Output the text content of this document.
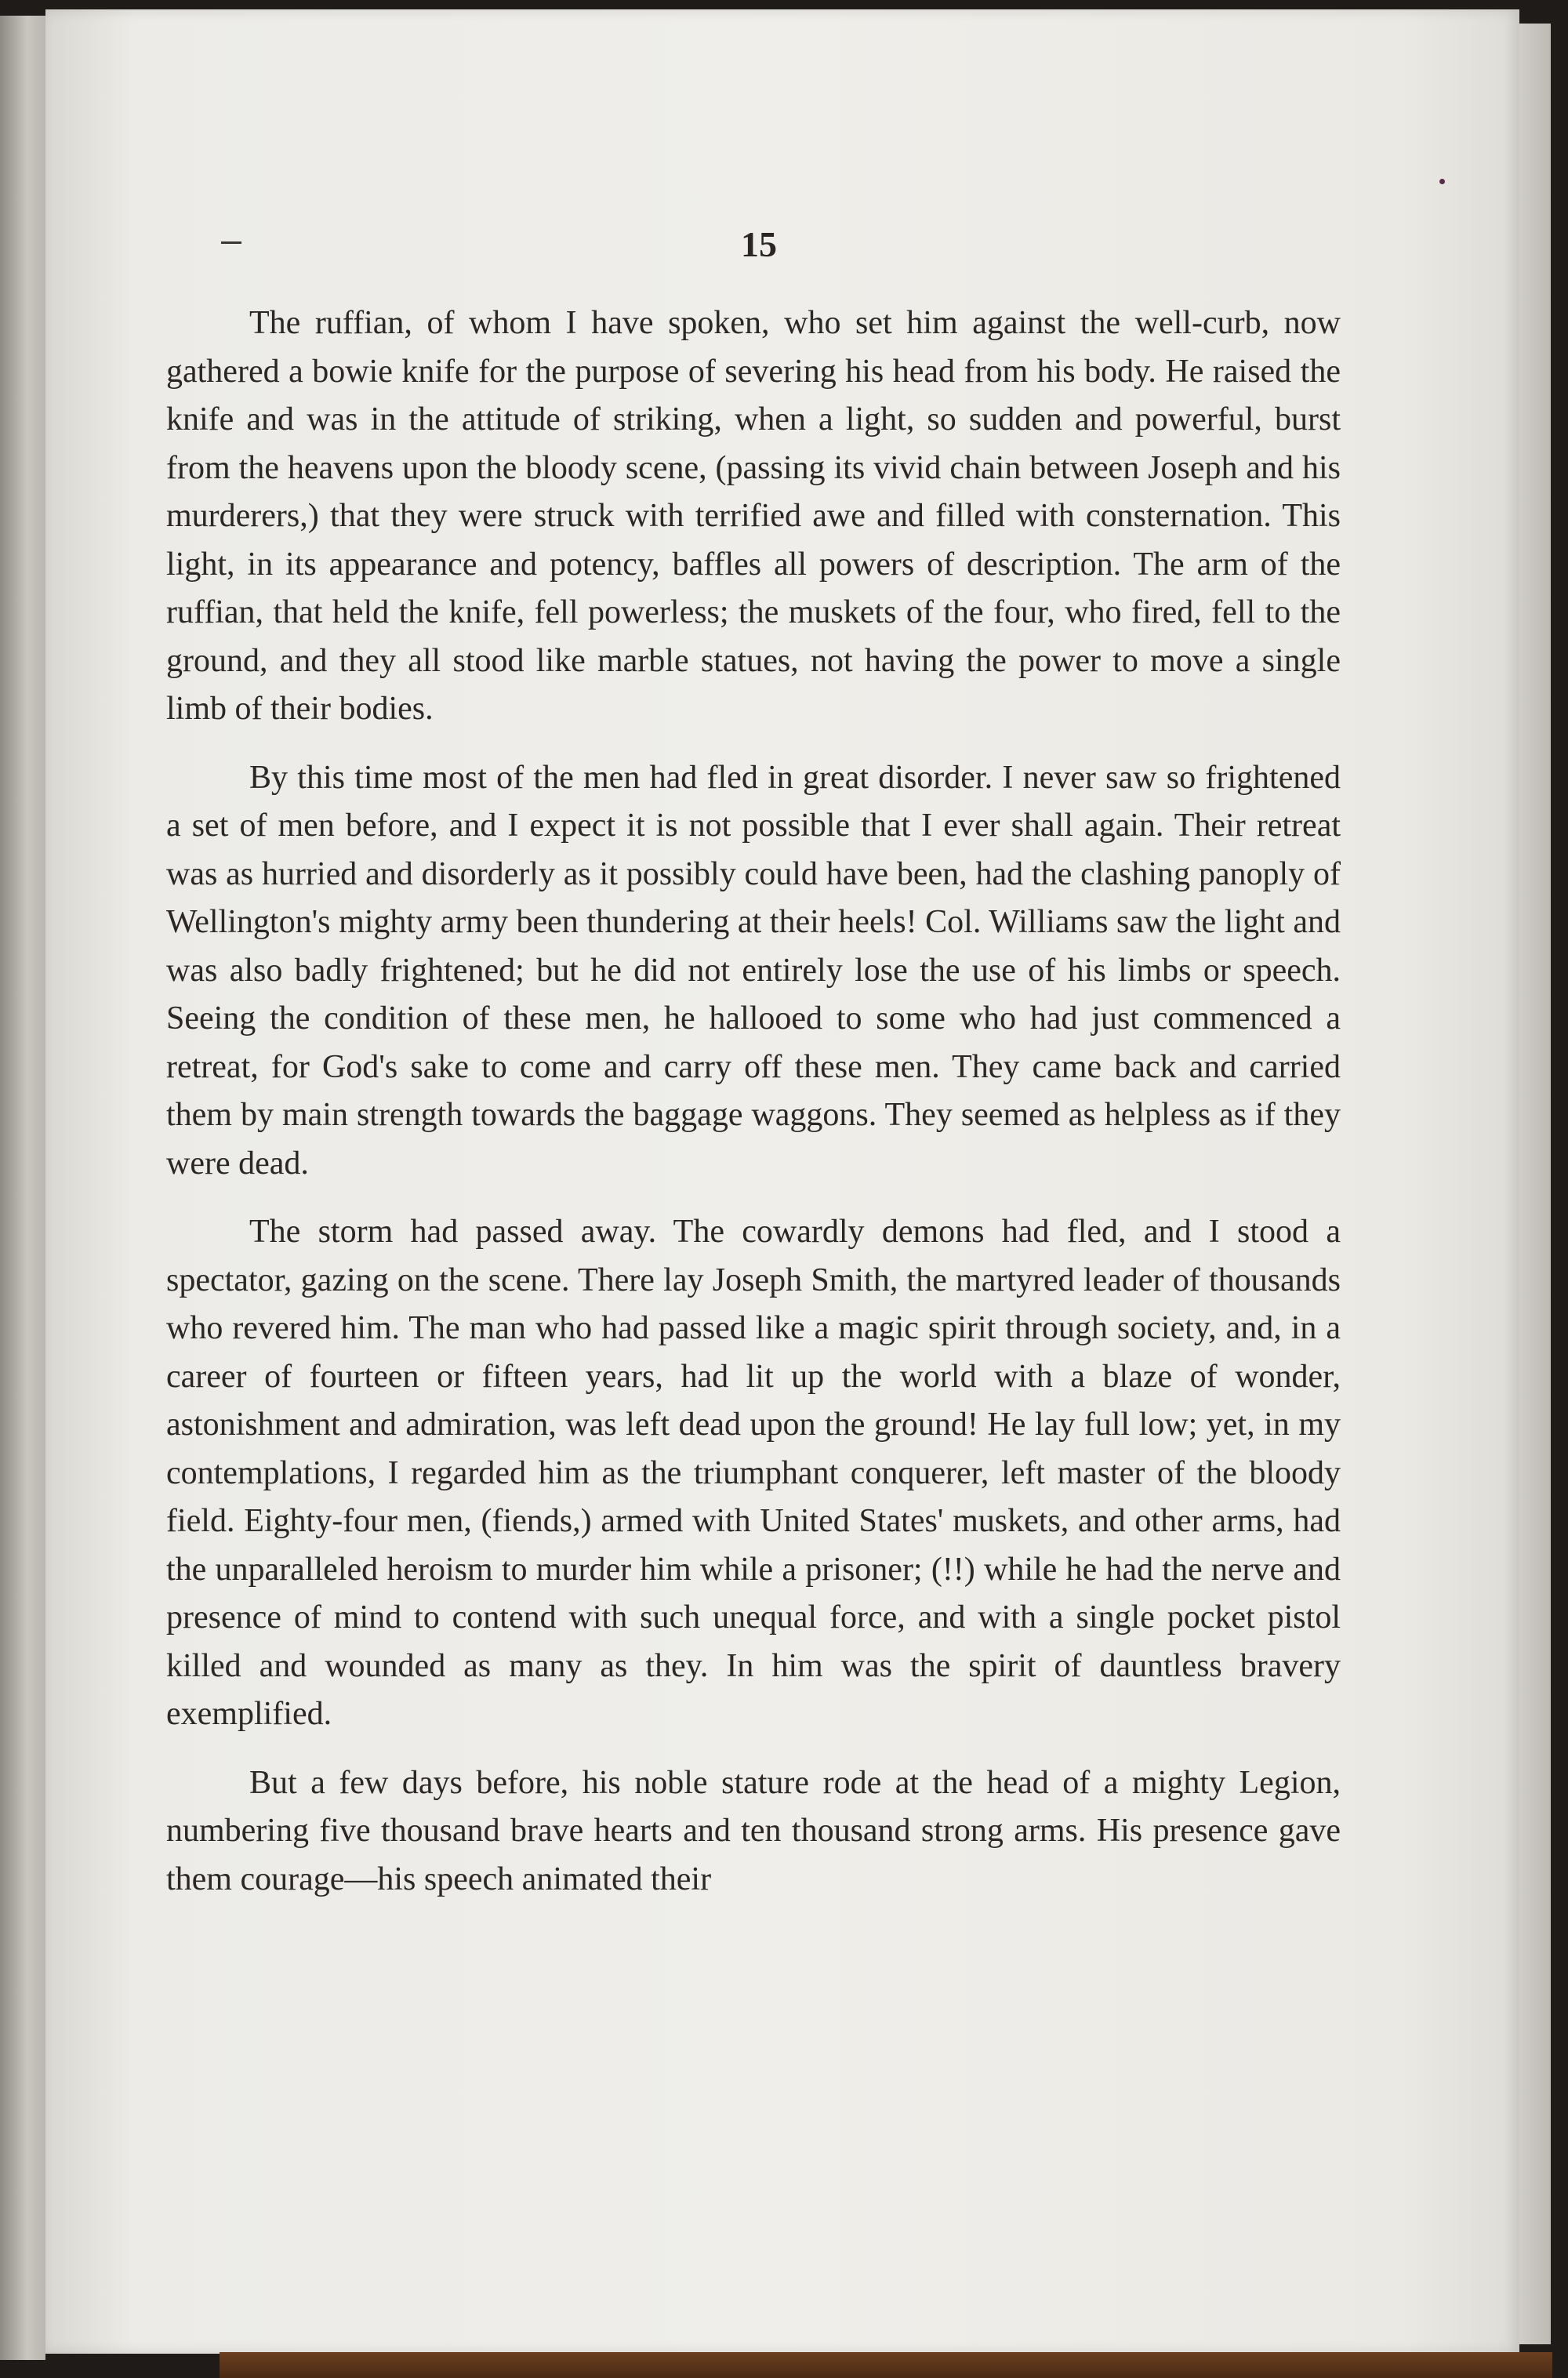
15

The ruffian, of whom I have spoken, who set him against the well-curb, now gathered a bowie knife for the purpose of severing his head from his body. He raised the knife and was in the attitude of striking, when a light, so sudden and powerful, burst from the heavens upon the bloody scene, (passing its vivid chain between Joseph and his murderers,) that they were struck with terrified awe and filled with consternation. This light, in its appearance and potency, baffles all powers of description. The arm of the ruffian, that held the knife, fell powerless; the muskets of the four, who fired, fell to the ground, and they all stood like marble statues, not having the power to move a single limb of their bodies.

By this time most of the men had fled in great disorder. I never saw so frightened a set of men before, and I expect it is not possible that I ever shall again. Their retreat was as hurried and disorderly as it possibly could have been, had the clashing panoply of Wellington's mighty army been thundering at their heels! Col. Williams saw the light and was also badly frightened; but he did not entirely lose the use of his limbs or speech. Seeing the condition of these men, he hallooed to some who had just commenced a retreat, for God's sake to come and carry off these men. They came back and carried them by main strength towards the baggage waggons. They seemed as helpless as if they were dead.

The storm had passed away. The cowardly demons had fled, and I stood a spectator, gazing on the scene. There lay Joseph Smith, the martyred leader of thousands who revered him. The man who had passed like a magic spirit through society, and, in a career of fourteen or fifteen years, had lit up the world with a blaze of wonder, astonishment and admiration, was left dead upon the ground! He lay full low; yet, in my contemplations, I regarded him as the triumphant conquerer, left master of the bloody field. Eighty-four men, (fiends,) armed with United States' muskets, and other arms, had the unparalleled heroism to murder him while a prisoner; (!!) while he had the nerve and presence of mind to contend with such unequal force, and with a single pocket pistol killed and wounded as many as they. In him was the spirit of dauntless bravery exemplified.

But a few days before, his noble stature rode at the head of a mighty Legion, numbering five thousand brave hearts and ten thousand strong arms. His presence gave them courage—his speech animated their
